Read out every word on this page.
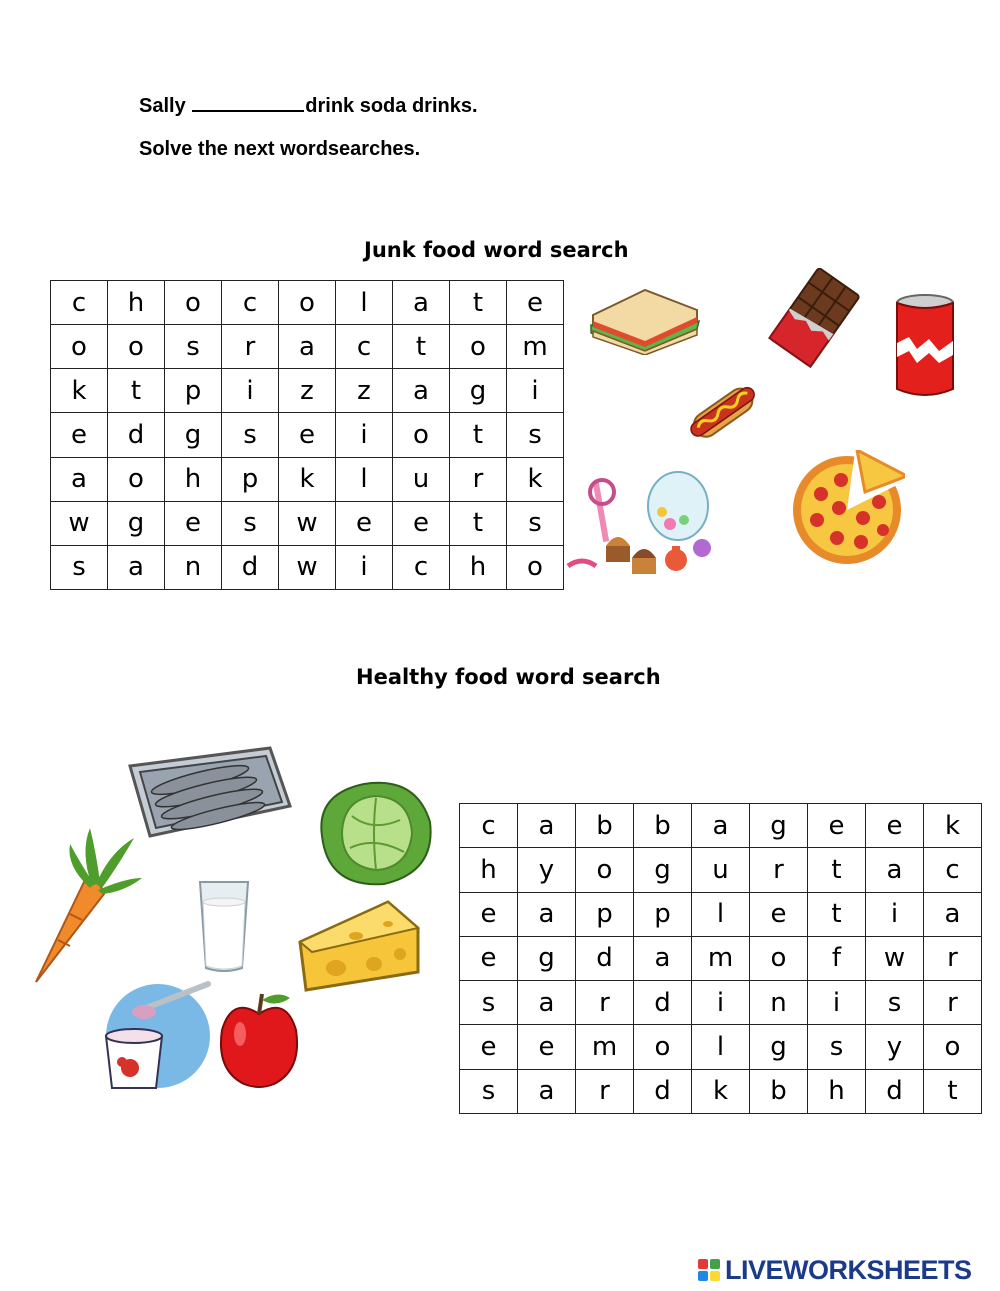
Sally	drink soda drinks.
Solve the next wordsearches.
Junk food word search
c	h	o	c	o	l	a	t	e
o	o	s	r	a	c	t	o	m
k	t	p	i	z	z	a	g	i
e	d	g	s	e	i	o	t	s
a	o	h	p	k	l	u	r	k
w	g	e	s	w	e	e	t	s
s	a	n	d	w	i	c	h	o
Healthy food word search
c	a	b	b	a	g	e	e	k
h	y	o	g	u	r	t	a	c
e	a	p	p	l	e	t	i	a
e	g	d	a	m	o	f	w	r
s	a	r	d	i	n	i	s	r
e	e	m	o	l	g	s	y	o
s	a	r	d	k	b	h	d	t
LIVEWORKSHEETS
